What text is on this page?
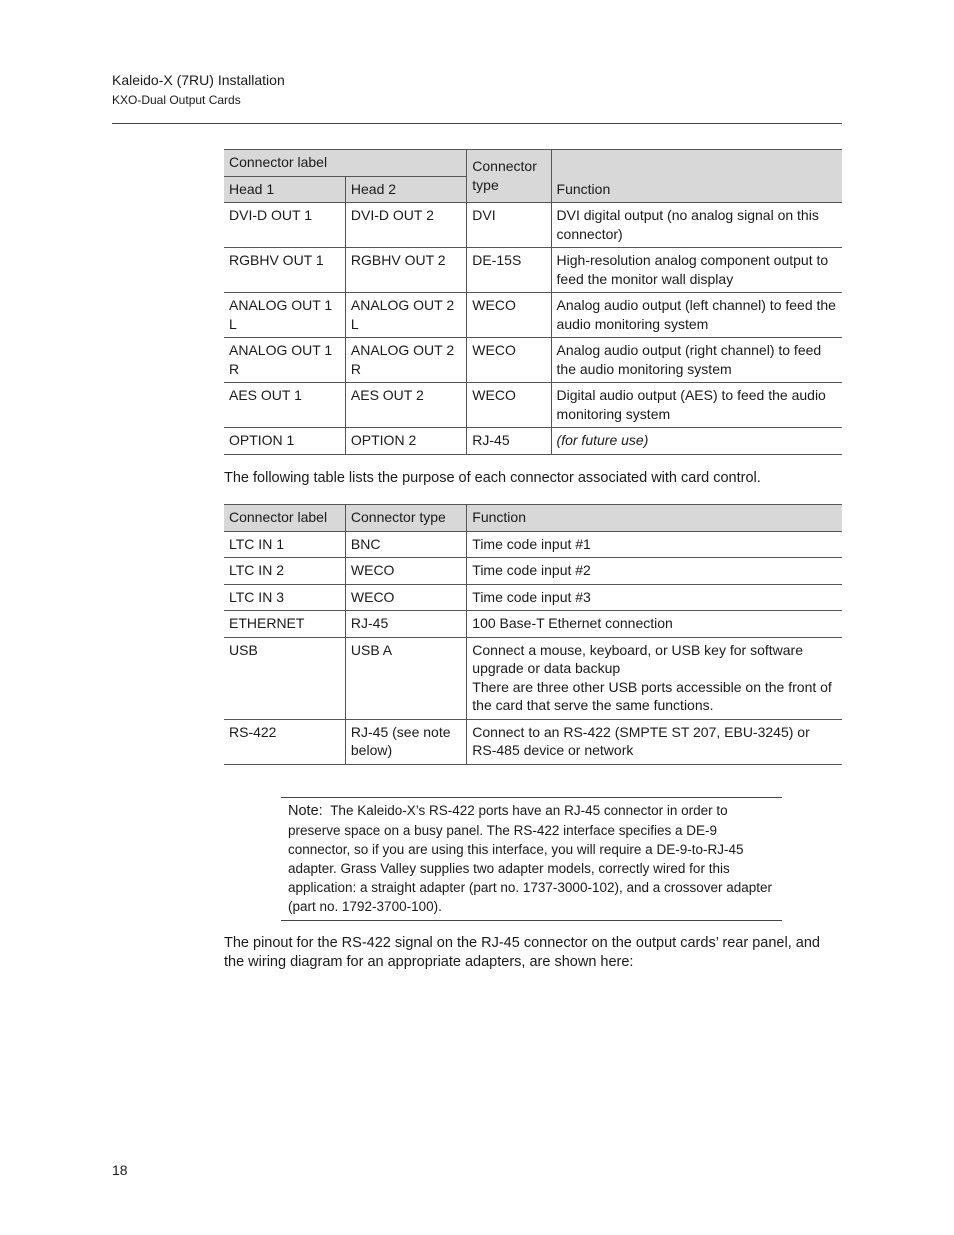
Kaleido-X (7RU) Installation
KXO-Dual Output Cards
Connector label		Connector type	Function
Head 1	Head 2		
DVI-D OUT 1	DVI-D OUT 2	DVI	DVI digital output (no analog signal on this connector)
RGBHV OUT 1	RGBHV OUT 2	DE-15S	High-resolution analog component output to feed the monitor wall display
ANALOG OUT 1 L	ANALOG OUT 2 L	WECO	Analog audio output (left channel) to feed the audio monitoring system
ANALOG OUT 1 R	ANALOG OUT 2 R	WECO	Analog audio output (right channel) to feed the audio monitoring system
AES OUT 1	AES OUT 2	WECO	Digital audio output (AES) to feed the audio monitoring system
OPTION 1	OPTION 2	RJ-45	(for future use)
The following table lists the purpose of each connector associated with card control.
Connector label	Connector type	Function
LTC IN 1	BNC	Time code input #1
LTC IN 2	WECO	Time code input #2
LTC IN 3	WECO	Time code input #3
ETHERNET	RJ-45	100 Base-T Ethernet connection
USB	USB A	Connect a mouse, keyboard, or USB key for software upgrade or data backup
There are three other USB ports accessible on the front of the card that serve the same functions.

RS-422	RJ-45 (see note below)	Connect to an RS-422 (SMPTE ST 207, EBU-3245) or RS-485 device or network
Note: The Kaleido-X’s RS-422 ports have an RJ-45 connector in order to preserve space on a busy panel. The RS-422 interface specifies a DE-9 connector, so if you are using this interface, you will require a DE-9-to-RJ-45 adapter. Grass Valley supplies two adapter models, correctly wired for this application: a straight adapter (part no. 1737-3000-102), and a crossover adapter (part no. 1792-3700-100).
The pinout for the RS-422 signal on the RJ-45 connector on the output cards’ rear panel, and the wiring diagram for an appropriate adapters, are shown here:
18
